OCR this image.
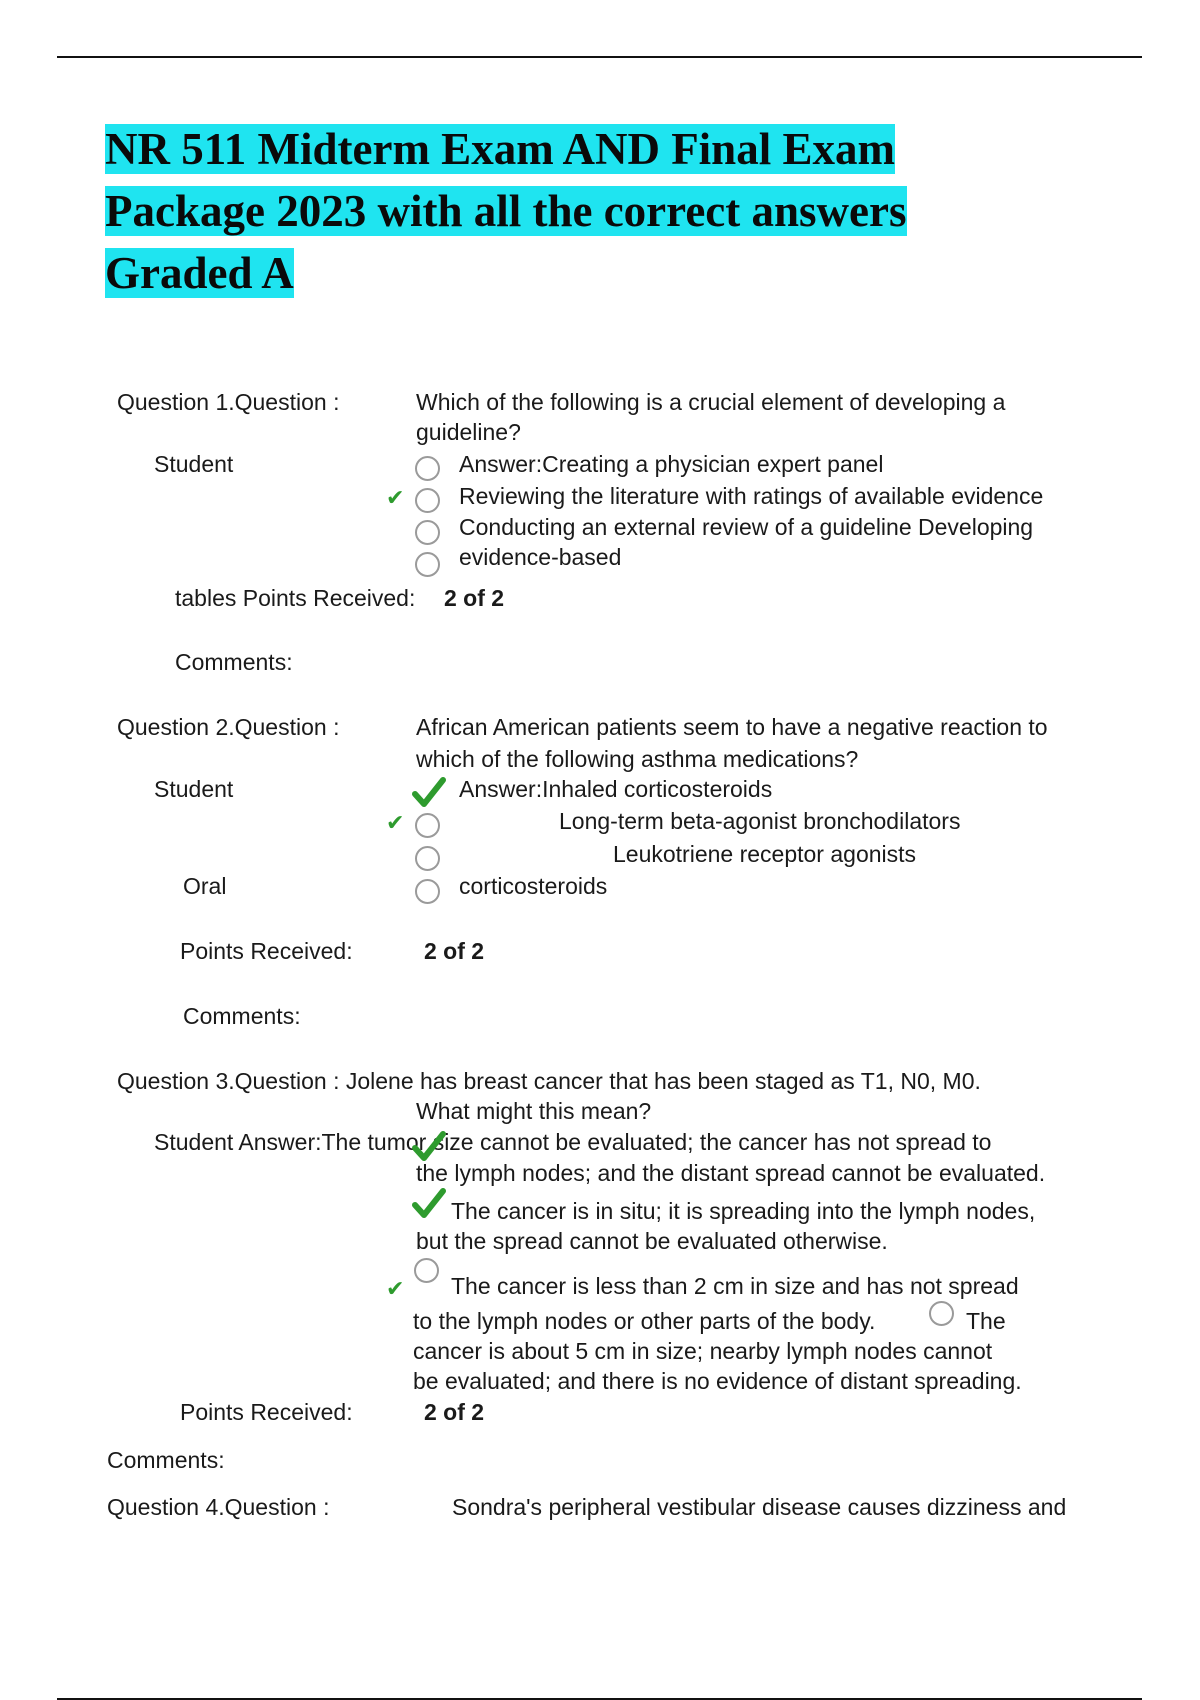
NR 511 Midterm Exam AND Final Exam Package 2023 with all the correct answers Graded A
Question 1.Question :	Which of the following is a crucial element of developing a
guideline?
Student	Answer:Creating a physician expert panel
✔ Reviewing the literature with ratings of available evidence
Conducting an external review of a guideline Developing
evidence-based
tables Points Received: 2 of 2
Comments:
Question 2.Question :	African American patients seem to have a negative reaction to
which of the following asthma medications?
Student	Answer:Inhaled corticosteroids
✔	Long-term beta-agonist bronchodilators
Leukotriene receptor agonists
Oral	corticosteroids
Points Received:	2 of 2
Comments:
Question 3.Question : Jolene has breast cancer that has been staged as T1, N0, M0.
What might this mean?
Student Answer:The tumor size cannot be evaluated; the cancer has not spread to
the lymph nodes; and the distant spread cannot be evaluated.
The cancer is in situ; it is spreading into the lymph nodes,
but the spread cannot be evaluated otherwise.
✔ The cancer is less than 2 cm in size and has not spread
to the lymph nodes or other parts of the body.	The
cancer is about 5 cm in size; nearby lymph nodes cannot
be evaluated; and there is no evidence of distant spreading.
Points Received:	2 of 2
Comments:
Question 4.Question :	Sondra's peripheral vestibular disease causes dizziness and
